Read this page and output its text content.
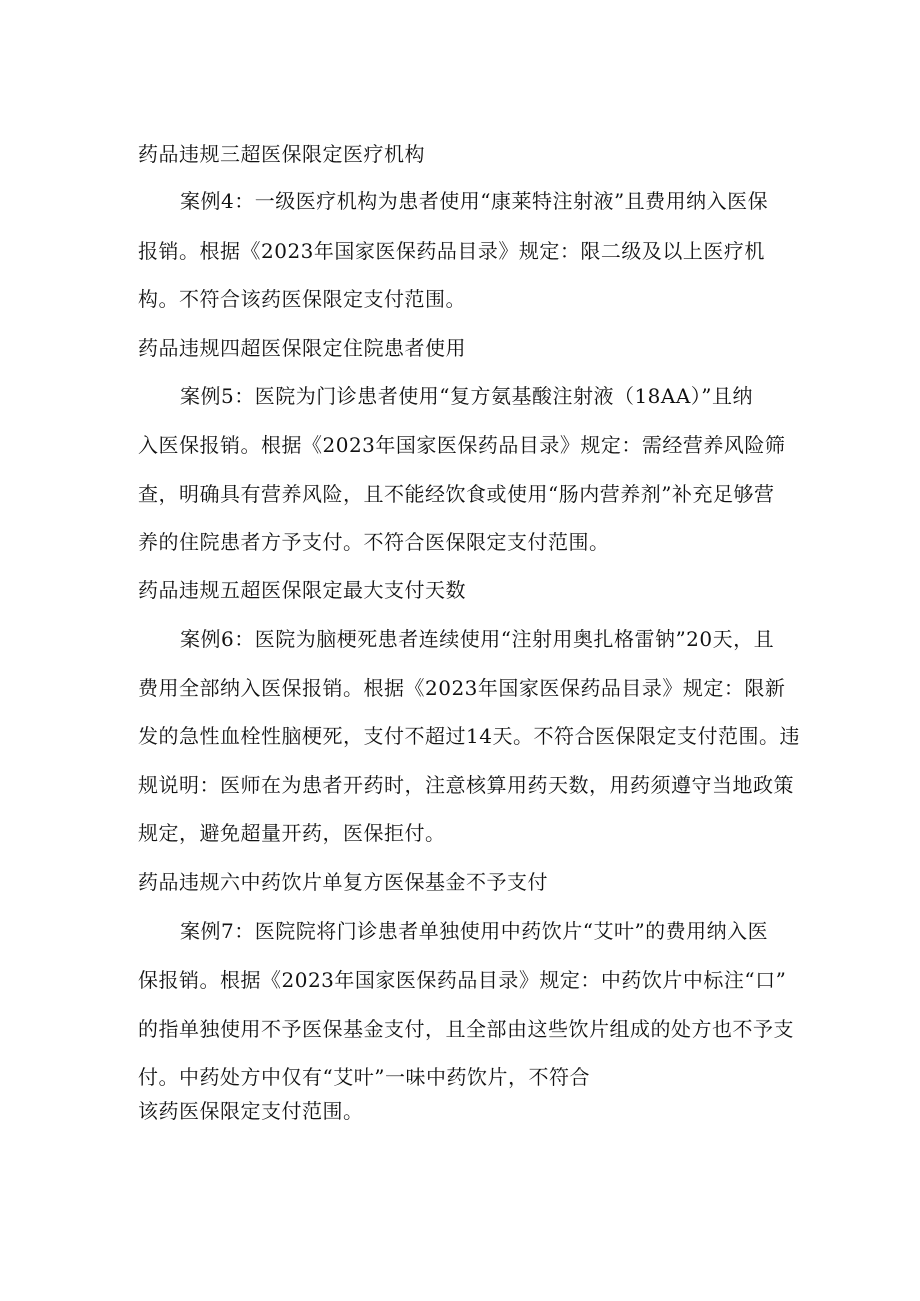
药品违规三超医保限定医疗机构
案例4：一级医疗机构为患者使用“康莱特注射液”且费用纳入医保
报销。根据《2023年国家医保药品目录》规定：限二级及以上医疗机
构。不符合该药医保限定支付范围。
药品违规四超医保限定住院患者使用
案例5：医院为门诊患者使用“复方氨基酸注射液（18AA）”且纳
入医保报销。根据《2023年国家医保药品目录》规定：需经营养风险筛
查，明确具有营养风险，且不能经饮食或使用“肠内营养剂”补充足够营
养的住院患者方予支付。不符合医保限定支付范围。
药品违规五超医保限定最大支付天数
案例6：医院为脑梗死患者连续使用“注射用奥扎格雷钠”20天，且
费用全部纳入医保报销。根据《2023年国家医保药品目录》规定：限新
发的急性血栓性脑梗死，支付不超过14天。不符合医保限定支付范围。违
规说明：医师在为患者开药时，注意核算用药天数，用药须遵守当地政策
规定，避免超量开药，医保拒付。
药品违规六中药饮片单复方医保基金不予支付
案例7：医院院将门诊患者单独使用中药饮片“艾叶”的费用纳入医
保报销。根据《2023年国家医保药品目录》规定：中药饮片中标注“口”
的指单独使用不予医保基金支付，且全部由这些饮片组成的处方也不予支
付。中药处方中仅有“艾叶”一味中药饮片，不符合
该药医保限定支付范围。
